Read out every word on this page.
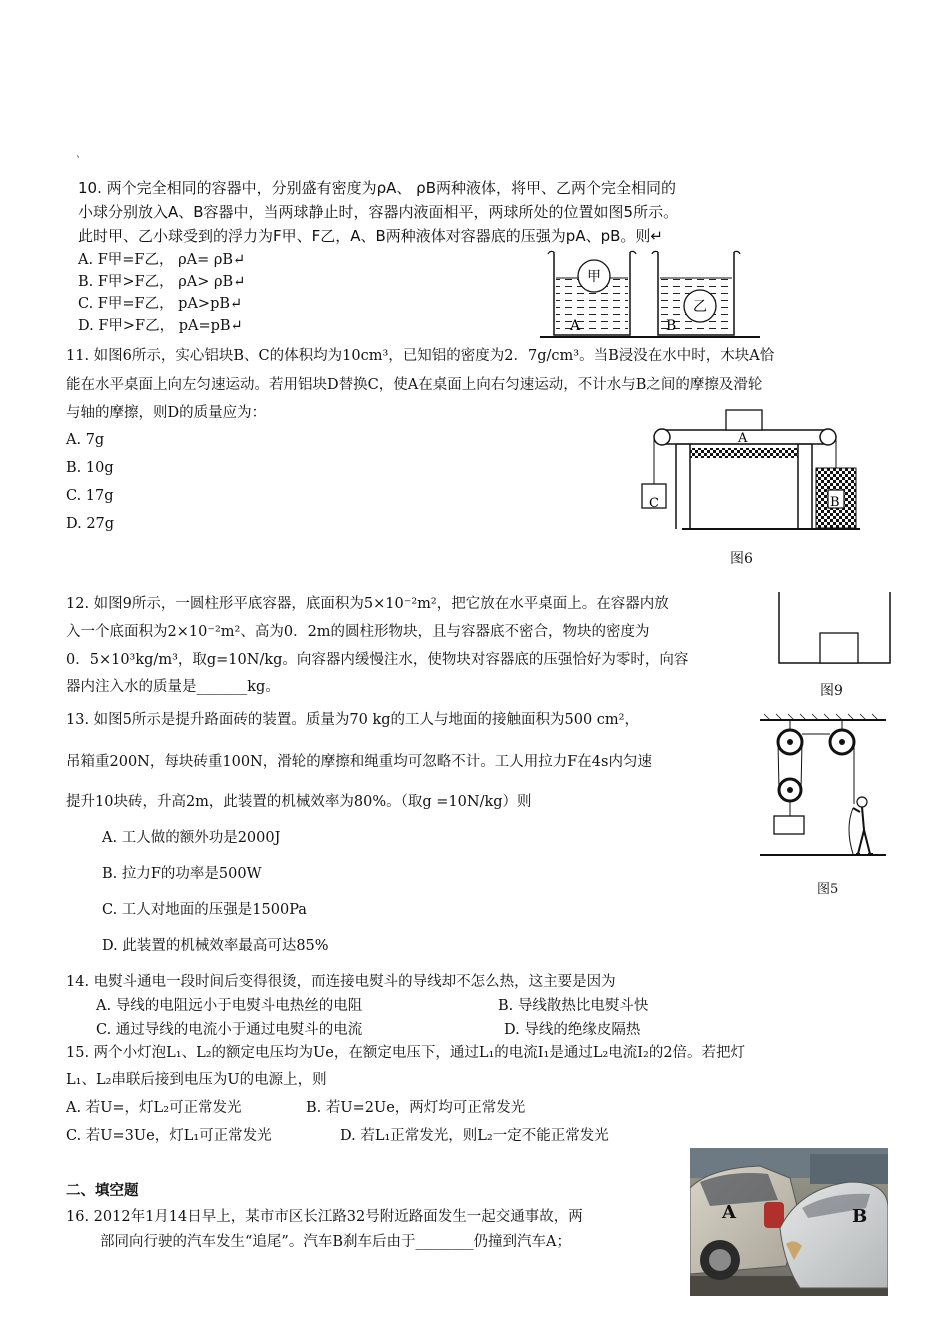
`
10. 两个完全相同的容器中，分别盛有密度为ρA、 ρB两种液体，将甲、乙两个完全相同的
小球分别放入A、B容器中，当两球静止时，容器内液面相平，两球所处的位置如图5所示。
此时甲、乙小球受到的浮力为F甲、F乙，A、B两种液体对容器底的压强为pA、pB。则↵
A. F甲=F乙， ρA= ρB↵
B. F甲>F乙， ρA> ρB↵
C. F甲=F乙， pA>pB↵
D. F甲>F乙， pA=pB↵
甲
A
乙
B
11. 如图6所示，实心铝块B、C的体积均为10cm³，已知铝的密度为2．7g/cm³。当B浸没在水中时，木块A恰
能在水平桌面上向左匀速运动。若用铝块D替换C，使A在桌面上向右匀速运动，不计水与B之间的摩擦及滑轮
与轴的摩擦，则D的质量应为：
A. 7g
B. 10g
C. 17g
D. 27g
A
C	B
图6
12. 如图9所示，一圆柱形平底容器，底面积为5×10⁻²m²，把它放在水平桌面上。在容器内放
入一个底面积为2×10⁻²m²、高为0．2m的圆柱形物块，且与容器底不密合，物块的密度为
0．5×10³kg/m³，取g=10N/kg。向容器内缓慢注水，使物块对容器底的压强恰好为零时，向容
器内注入水的质量是_______kg。	图9
13. 如图5所示是提升路面砖的装置。质量为70 kg的工人与地面的接触面积为500 cm²，
吊箱重200N，每块砖重100N，滑轮的摩擦和绳重均可忽略不计。工人用拉力F在4s内匀速
提升10块砖，升高2m，此装置的机械效率为80%。（取g =10N/kg）则
A. 工人做的额外功是2000J
B. 拉力F的功率是500W
C. 工人对地面的压强是1500Pa
D. 此装置的机械效率最高可达85%
图5
14. 电熨斗通电一段时间后变得很烫，而连接电熨斗的导线却不怎么热，这主要是因为
A. 导线的电阻远小于电熨斗电热丝的电阻	B. 导线散热比电熨斗快
C. 通过导线的电流小于通过电熨斗的电流	D. 导线的绝缘皮隔热
15. 两个小灯泡L₁、L₂的额定电压均为Ue，在额定电压下，通过L₁的电流I₁是通过L₂电流I₂的2倍。若把灯
L₁、L₂串联后接到电压为U的电源上，则
A. 若U=，灯L₂可正常发光	B. 若U=2Ue，两灯均可正常发光
C. 若U=3Ue，灯L₁可正常发光	D. 若L₁正常发光，则L₂一定不能正常发光
二、填空题
16. 2012年1月14日早上，某市市区长江路32号附近路面发生一起交通事故，两
部同向行驶的汽车发生“追尾”。汽车B刹车后由于________仍撞到汽车A；
A	B
